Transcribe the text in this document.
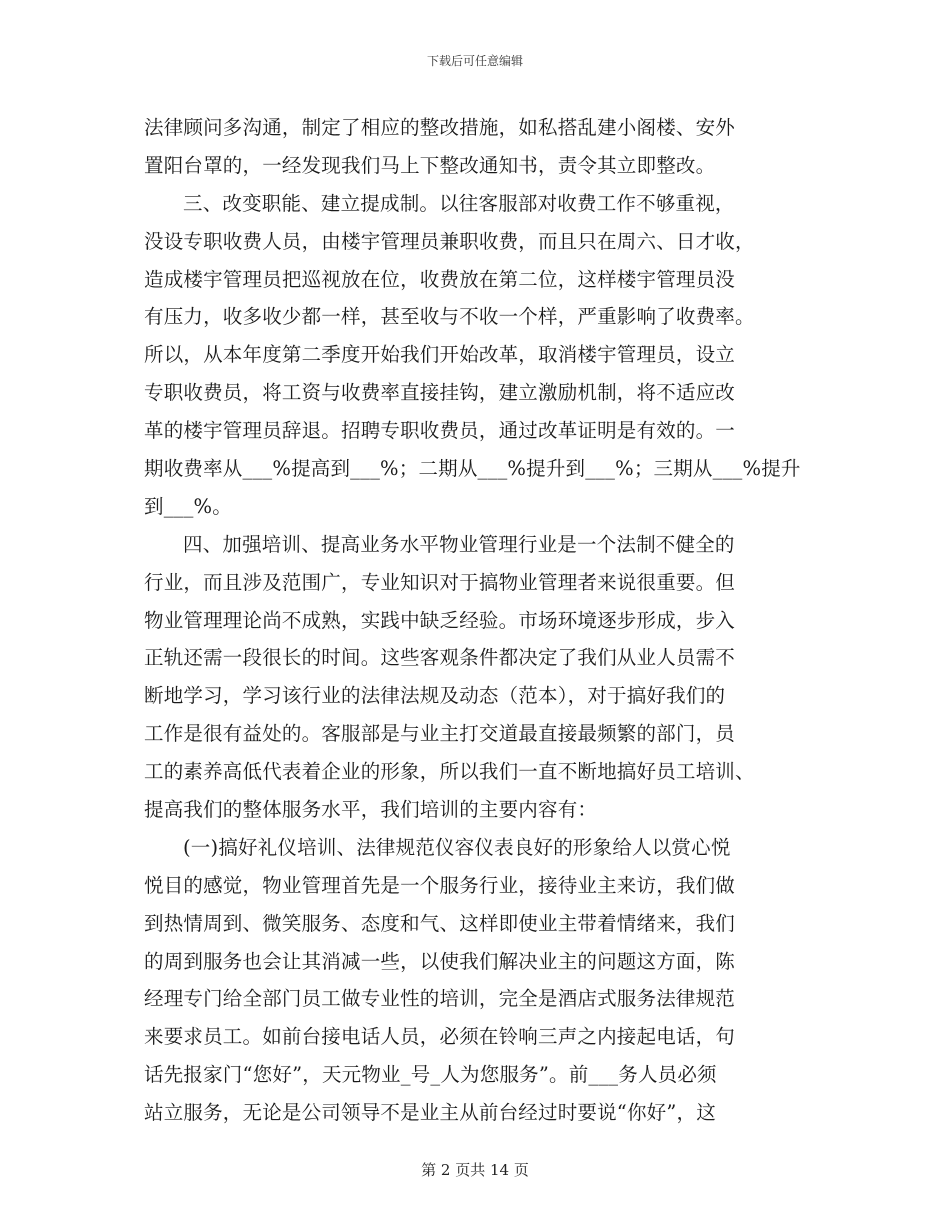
下载后可任意编辑
法律顾问多沟通，制定了相应的整改措施，如私搭乱建小阁楼、安外
置阳台罩的，一经发现我们马上下整改通知书，责令其立即整改。
三、改变职能、建立提成制。以往客服部对收费工作不够重视，
没设专职收费人员，由楼宇管理员兼职收费，而且只在周六、日才收，
造成楼宇管理员把巡视放在位，收费放在第二位，这样楼宇管理员没
有压力，收多收少都一样，甚至收与不收一个样，严重影响了收费率。
所以，从本年度第二季度开始我们开始改革，取消楼宇管理员，设立
专职收费员，将工资与收费率直接挂钩，建立激励机制，将不适应改
革的楼宇管理员辞退。招聘专职收费员，通过改革证明是有效的。一
期收费率从___%提高到___%；二期从___%提升到___%；三期从___%提升
到___%。
四、加强培训、提高业务水平物业管理行业是一个法制不健全的
行业，而且涉及范围广，专业知识对于搞物业管理者来说很重要。但
物业管理理论尚不成熟，实践中缺乏经验。市场环境逐步形成，步入
正轨还需一段很长的时间。这些客观条件都决定了我们从业人员需不
断地学习，学习该行业的法律法规及动态（范本），对于搞好我们的
工作是很有益处的。客服部是与业主打交道最直接最频繁的部门，员
工的素养高低代表着企业的形象，所以我们一直不断地搞好员工培训、
提高我们的整体服务水平，我们培训的主要内容有：
(一)搞好礼仪培训、法律规范仪容仪表良好的形象给人以赏心悦
悦目的感觉，物业管理首先是一个服务行业，接待业主来访，我们做
到热情周到、微笑服务、态度和气、这样即使业主带着情绪来，我们
的周到服务也会让其消减一些，以使我们解决业主的问题这方面，陈
经理专门给全部门员工做专业性的培训，完全是酒店式服务法律规范
来要求员工。如前台接电话人员，必须在铃响三声之内接起电话，句
话先报家门“您好”，天元物业_号_人为您服务”。前___务人员必须
站立服务，无论是公司领导不是业主从前台经过时要说“你好”，这
第 2 页共 14 页
